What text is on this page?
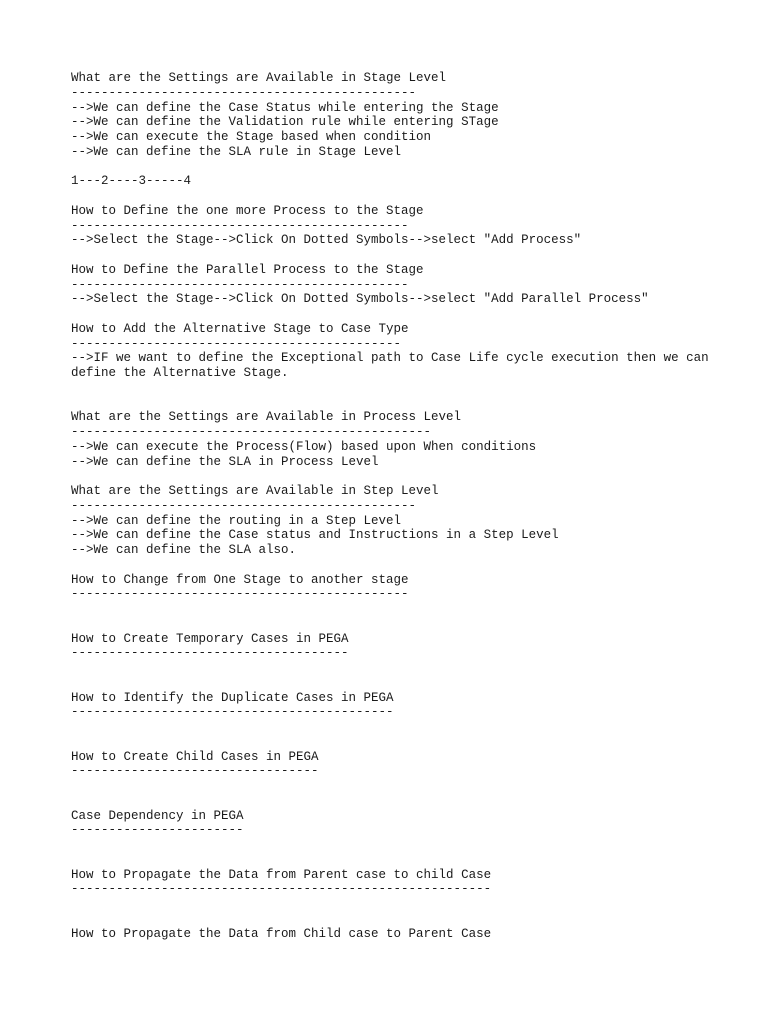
What are the Settings are Available in Stage Level
----------------------------------------------
-->We can define the Case Status while entering the Stage
-->We can define the Validation rule while entering STage
-->We can execute the Stage based when condition
-->We can define the SLA rule in Stage Level
1---2----3-----4
How to Define the one more Process to the Stage
---------------------------------------------
-->Select the Stage-->Click On Dotted Symbols-->select "Add Process"
How to Define the Parallel Process to the Stage
---------------------------------------------
-->Select the Stage-->Click On Dotted Symbols-->select "Add Parallel Process"
How to Add the Alternative Stage to Case Type
--------------------------------------------
-->IF we want to define the Exceptional path to Case Life cycle execution then we can define the Alternative Stage.
What are the Settings are Available in Process Level
------------------------------------------------
-->We can execute the Process(Flow) based upon When conditions
-->We can define the SLA in Process Level
What are the Settings are Available in Step Level
----------------------------------------------
-->We can define the routing in a Step Level
-->We can define the Case status and Instructions in a Step Level
-->We can define the SLA also.
How to Change from One Stage to another stage
---------------------------------------------
How to Create Temporary Cases in PEGA
-------------------------------------
How to Identify the Duplicate Cases in PEGA
-------------------------------------------
How to Create Child Cases in PEGA
---------------------------------
Case Dependency in PEGA
-----------------------
How to Propagate the Data from Parent case to child Case
--------------------------------------------------------
How to Propagate the Data from Child case to Parent Case
